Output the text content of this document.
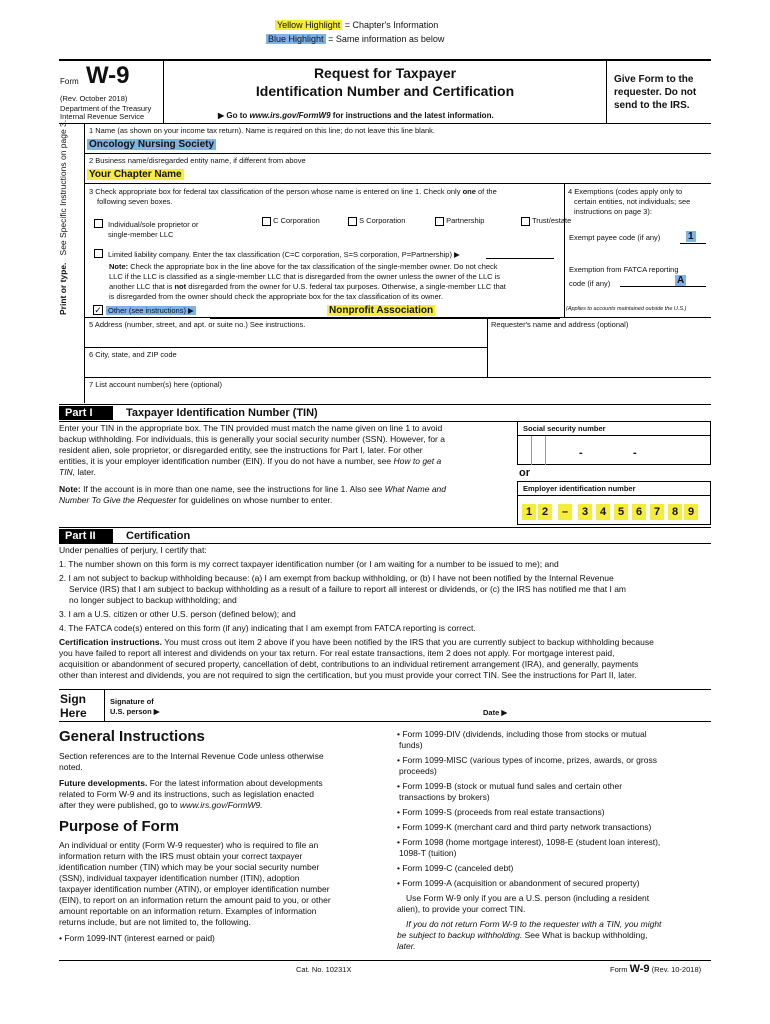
Yellow Highlight = Chapter's Information
Blue Highlight = Same information as below
Form W-9
(Rev. October 2018)
Department of the Treasury
Internal Revenue Service
Request for Taxpayer
Identification Number and Certification
▶ Go to www.irs.gov/FormW9 for instructions and the latest information.
Give Form to the
requester. Do not
send to the IRS.
Print or type.   See Specific Instructions on page 3.	1 Name (as shown on your income tax return). Name is required on this line; do not leave this line blank.
Oncology Nursing Society
2 Business name/disregarded entity name, if different from above
Your Chapter Name
3 Check appropriate box for federal tax classification of the person whose name is entered on line 1. Check only one of the
following seven boxes.
Individual/sole proprietor or
single-member LLC
C Corporation	S Corporation	Partnership	Trust/estate
Limited liability company. Enter the tax classification (C=C corporation, S=S corporation, P=Partnership) ▶
Note: Check the appropriate box in the line above for the tax classification of the single-member owner. Do not check
LLC if the LLC is classified as a single-member LLC that is disregarded from the owner unless the owner of the LLC is
another LLC that is not disregarded from the owner for U.S. federal tax purposes. Otherwise, a single-member LLC that
is disregarded from the owner should check the appropriate box for the tax classification of its owner.
✓ Other (see instructions) ▶	Nonprofit Association
4 Exemptions (codes apply only to
certain entities, not individuals; see
instructions on page 3):
Exempt payee code (if any)	1
Exemption from FATCA reporting
code (if any)	A
(Applies to accounts maintained outside the U.S.)
5 Address (number, street, and apt. or suite no.) See instructions.	Requester's name and address (optional)
6 City, state, and ZIP code
7 List account number(s) here (optional)
Part I	Taxpayer Identification Number (TIN)
Enter your TIN in the appropriate box. The TIN provided must match the name given on line 1 to avoid
backup withholding. For individuals, this is generally your social security number (SSN). However, for a
resident alien, sole proprietor, or disregarded entity, see the instructions for Part I, later. For other
entities, it is your employer identification number (EIN). If you do not have a number, see How to get a
TIN, later.
Note: If the account is in more than one name, see the instructions for line 1. Also see What Name and
Number To Give the Requester for guidelines on whose number to enter.
Social security number
-	-
or
Employer identification number
1 2	–	3	4	5	6	7	8 9
Part II	Certification
Under penalties of perjury, I certify that:
1. The number shown on this form is my correct taxpayer identification number (or I am waiting for a number to be issued to me); and
2. I am not subject to backup withholding because: (a) I am exempt from backup withholding, or (b) I have not been notified by the Internal Revenue
Service (IRS) that I am subject to backup withholding as a result of a failure to report all interest or dividends, or (c) the IRS has notified me that I am
no longer subject to backup withholding; and
3. I am a U.S. citizen or other U.S. person (defined below); and
4. The FATCA code(s) entered on this form (if any) indicating that I am exempt from FATCA reporting is correct.
Certification instructions. You must cross out item 2 above if you have been notified by the IRS that you are currently subject to backup withholding because
you have failed to report all interest and dividends on your tax return. For real estate transactions, item 2 does not apply. For mortgage interest paid,
acquisition or abandonment of secured property, cancellation of debt, contributions to an individual retirement arrangement (IRA), and generally, payments
other than interest and dividends, you are not required to sign the certification, but you must provide your correct TIN. See the instructions for Part II, later.
Sign
Here
Signature of
U.S. person ▶	Date ▶
General Instructions
Section references are to the Internal Revenue Code unless otherwise
noted.
Future developments. For the latest information about developments
related to Form W-9 and its instructions, such as legislation enacted
after they were published, go to www.irs.gov/FormW9.
Purpose of Form
An individual or entity (Form W-9 requester) who is required to file an
information return with the IRS must obtain your correct taxpayer
identification number (TIN) which may be your social security number
(SSN), individual taxpayer identification number (ITIN), adoption
taxpayer identification number (ATIN), or employer identification number
(EIN), to report on an information return the amount paid to you, or other
amount reportable on an information return. Examples of information
returns include, but are not limited to, the following.
• Form 1099-INT (interest earned or paid)
• Form 1099-DIV (dividends, including those from stocks or mutual
funds)
• Form 1099-MISC (various types of income, prizes, awards, or gross
proceeds)
• Form 1099-B (stock or mutual fund sales and certain other
transactions by brokers)
• Form 1099-S (proceeds from real estate transactions)
• Form 1099-K (merchant card and third party network transactions)
• Form 1098 (home mortgage interest), 1098-E (student loan interest),
1098-T (tuition)
• Form 1099-C (canceled debt)
• Form 1099-A (acquisition or abandonment of secured property)
Use Form W-9 only if you are a U.S. person (including a resident
alien), to provide your correct TIN.
If you do not return Form W-9 to the requester with a TIN, you might
be subject to backup withholding. See What is backup withholding,
later.
Cat. No. 10231X	Form W-9 (Rev. 10-2018)
